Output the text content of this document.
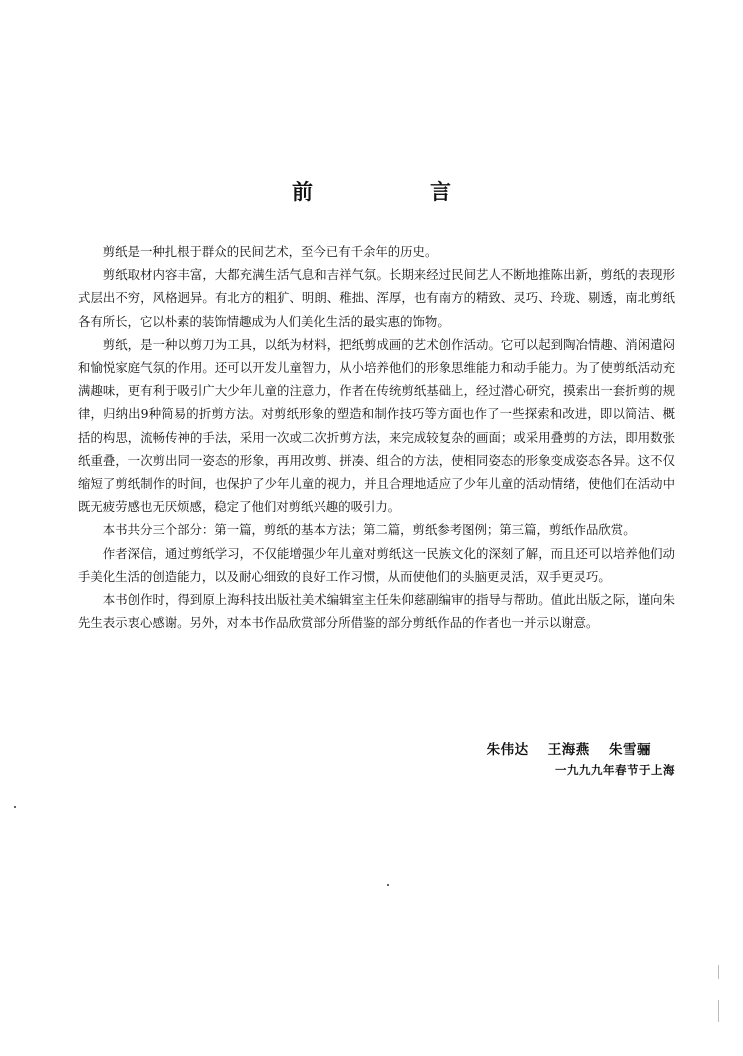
前　言

剪纸是一种扎根于群众的民间艺术，至今已有千余年的历史。

剪纸取材内容丰富，大都充满生活气息和吉祥气氛。长期来经过民间艺人不断地推陈出新，剪纸的表现形式层出不穷，风格迥异。有北方的粗犷、明朗、稚拙、浑厚，也有南方的精致、灵巧、玲珑、剔透，南北剪纸各有所长，它以朴素的装饰情趣成为人们美化生活的最实惠的饰物。

剪纸，是一种以剪刀为工具，以纸为材料，把纸剪成画的艺术创作活动。它可以起到陶冶情趣、消闲遣闷和愉悦家庭气氛的作用。还可以开发儿童智力，从小培养他们的形象思维能力和动手能力。为了使剪纸活动充满趣味，更有利于吸引广大少年儿童的注意力，作者在传统剪纸基础上，经过潜心研究，摸索出一套折剪的规律，归纳出9种简易的折剪方法。对剪纸形象的塑造和制作技巧等方面也作了一些探索和改进，即以简洁、概括的构思，流畅传神的手法，采用一次或二次折剪方法，来完成较复杂的画面；或采用叠剪的方法，即用数张纸重叠，一次剪出同一姿态的形象，再用改剪、拼凑、组合的方法，使相同姿态的形象变成姿态各异。这不仅缩短了剪纸制作的时间，也保护了少年儿童的视力，并且合理地适应了少年儿童的活动情绪，使他们在活动中既无疲劳感也无厌烦感，稳定了他们对剪纸兴趣的吸引力。

本书共分三个部分：第一篇，剪纸的基本方法；第二篇，剪纸参考图例；第三篇，剪纸作品欣赏。

作者深信，通过剪纸学习，不仅能增强少年儿童对剪纸这一民族文化的深刻了解，而且还可以培养他们动手美化生活的创造能力，以及耐心细致的良好工作习惯，从而使他们的头脑更灵活，双手更灵巧。

本书创作时，得到原上海科技出版社美术编辑室主任朱仰慈副编审的指导与帮助。值此出版之际，谨向朱先生表示衷心感谢。另外，对本书作品欣赏部分所借鉴的部分剪纸作品的作者也一并示以谢意。

朱伟达 王海燕 朱雪骊
一九九九年春节于上海
